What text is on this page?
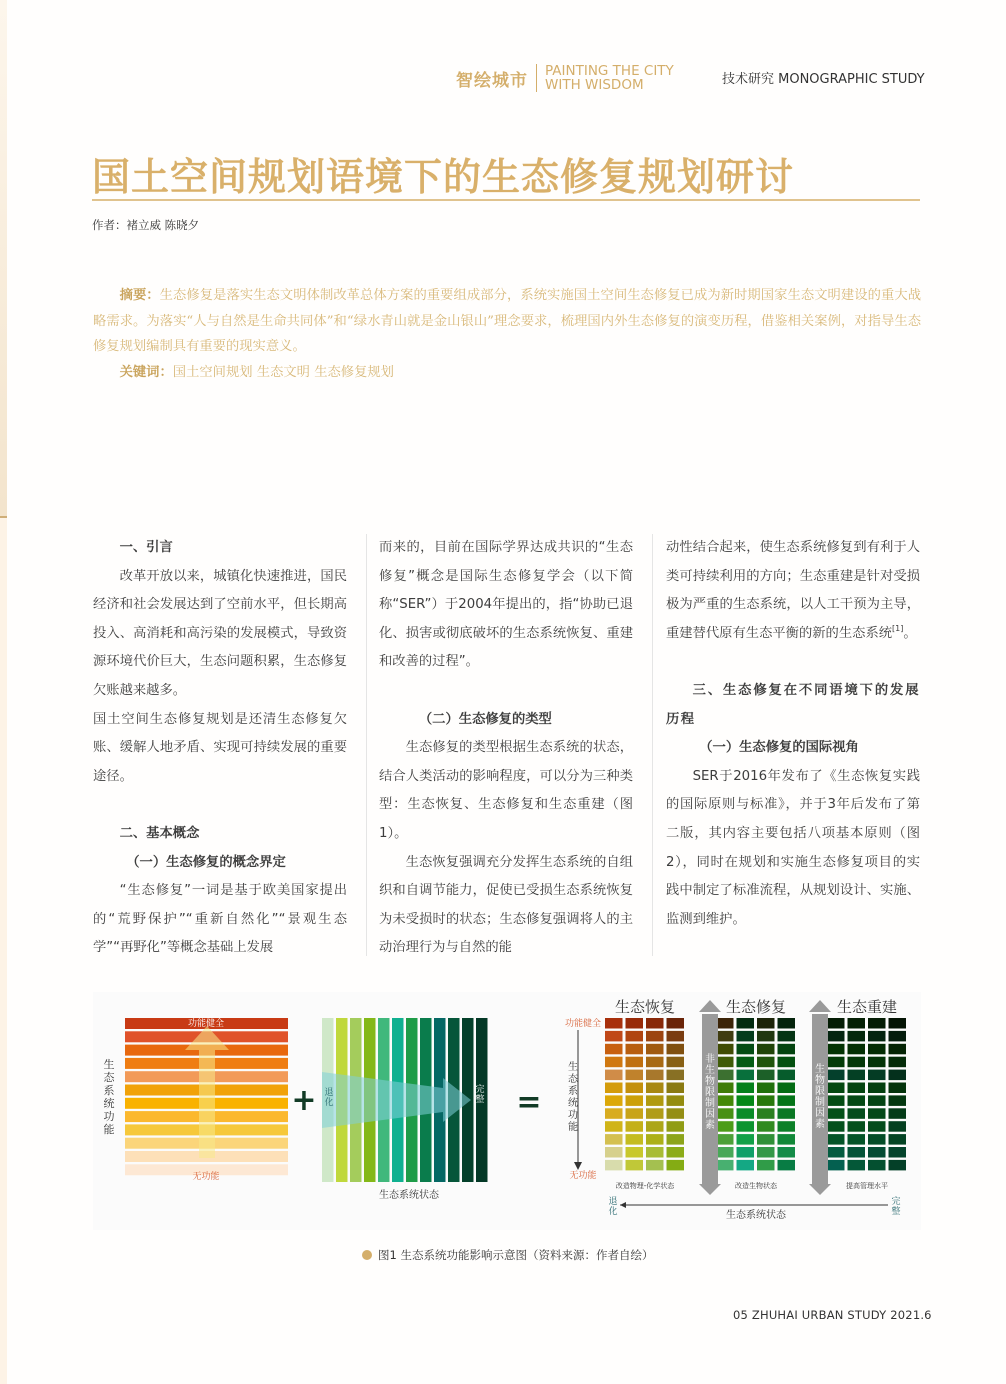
智绘城市 PAINTING THE CITY
WITH WISDOM	技术研究 MONOGRAPHIC STUDY
国土空间规划语境下的生态修复规划研讨
作者：褚立威 陈晓夕

摘要：生态修复是落实生态文明体制改革总体方案的重要组成部分，系统实施国土空间生态修复已成为新时期国家生态文明建设的重大战略需求。为落实“人与自然是生命共同体”和“绿水青山就是金山银山”理念要求，梳理国内外生态修复的演变历程，借鉴相关案例，对指导生态修复规划编制具有重要的现实意义。

关键词：国土空间规划 生态文明 生态修复规划

一、引言

改革开放以来，城镇化快速推进，国民经济和社会发展达到了空前水平，但长期高投入、高消耗和高污染的发展模式，导致资源环境代价巨大，生态问题积累，生态修复欠账越来越多。

国土空间生态修复规划是还清生态修复欠账、缓解人地矛盾、实现可持续发展的重要途径。

二、基本概念
（一）生态修复的概念界定

“生态修复”一词是基于欧美国家提出的“荒野保护”“重新自然化”“景观生态学”“再野化”等概念基础上发展

而来的，目前在国际学界达成共识的“生态修复”概念是国际生态修复学会（以下简称“SER”）于2004年提出的，指“协助已退化、损害或彻底破坏的生态系统恢复、重建和改善的过程”。

（二）生态修复的类型

生态修复的类型根据生态系统的状态，结合人类活动的影响程度，可以分为三种类型：生态恢复、生态修复和生态重建（图1）。

生态恢复强调充分发挥生态系统的自组织和自调节能力，促使已受损生态系统恢复为未受损时的状态；生态修复强调将人的主动治理行为与自然的能

动性结合起来，使生态系统修复到有利于人类可持续利用的方向；生态重建是针对受损极为严重的生态系统，以人工干预为主导，重建替代原有生态平衡的新的生态系统[1]。

三、生态修复在不同语境下的发展历程
（一）生态修复的国际视角

SER于2016年发布了《生态恢复实践的国际原则与标准》，并于3年后发布了第二版，其内容主要包括八项基本原则（图2），同时在规划和实施生态修复项目的实践中制定了标准流程，从规划设计、实施、监测到维护。

生
态
系
统
功
能
功能健全
无功能
+ 退
化
完
整
生态系统状态
=
功能健全
无功能
生
态
系
统
功
能
生态恢复
改造物理-化学状态
生态修复
改造生物状态
生态重建
提高管理水平
非
生
物
限
制
因
素
生
物
限
制
因
素
退
化
完
整
生态系统状态
图1 生态系统功能影响示意图（资料来源：作者自绘）
05 ZHUHAI URBAN STUDY 2021.6
